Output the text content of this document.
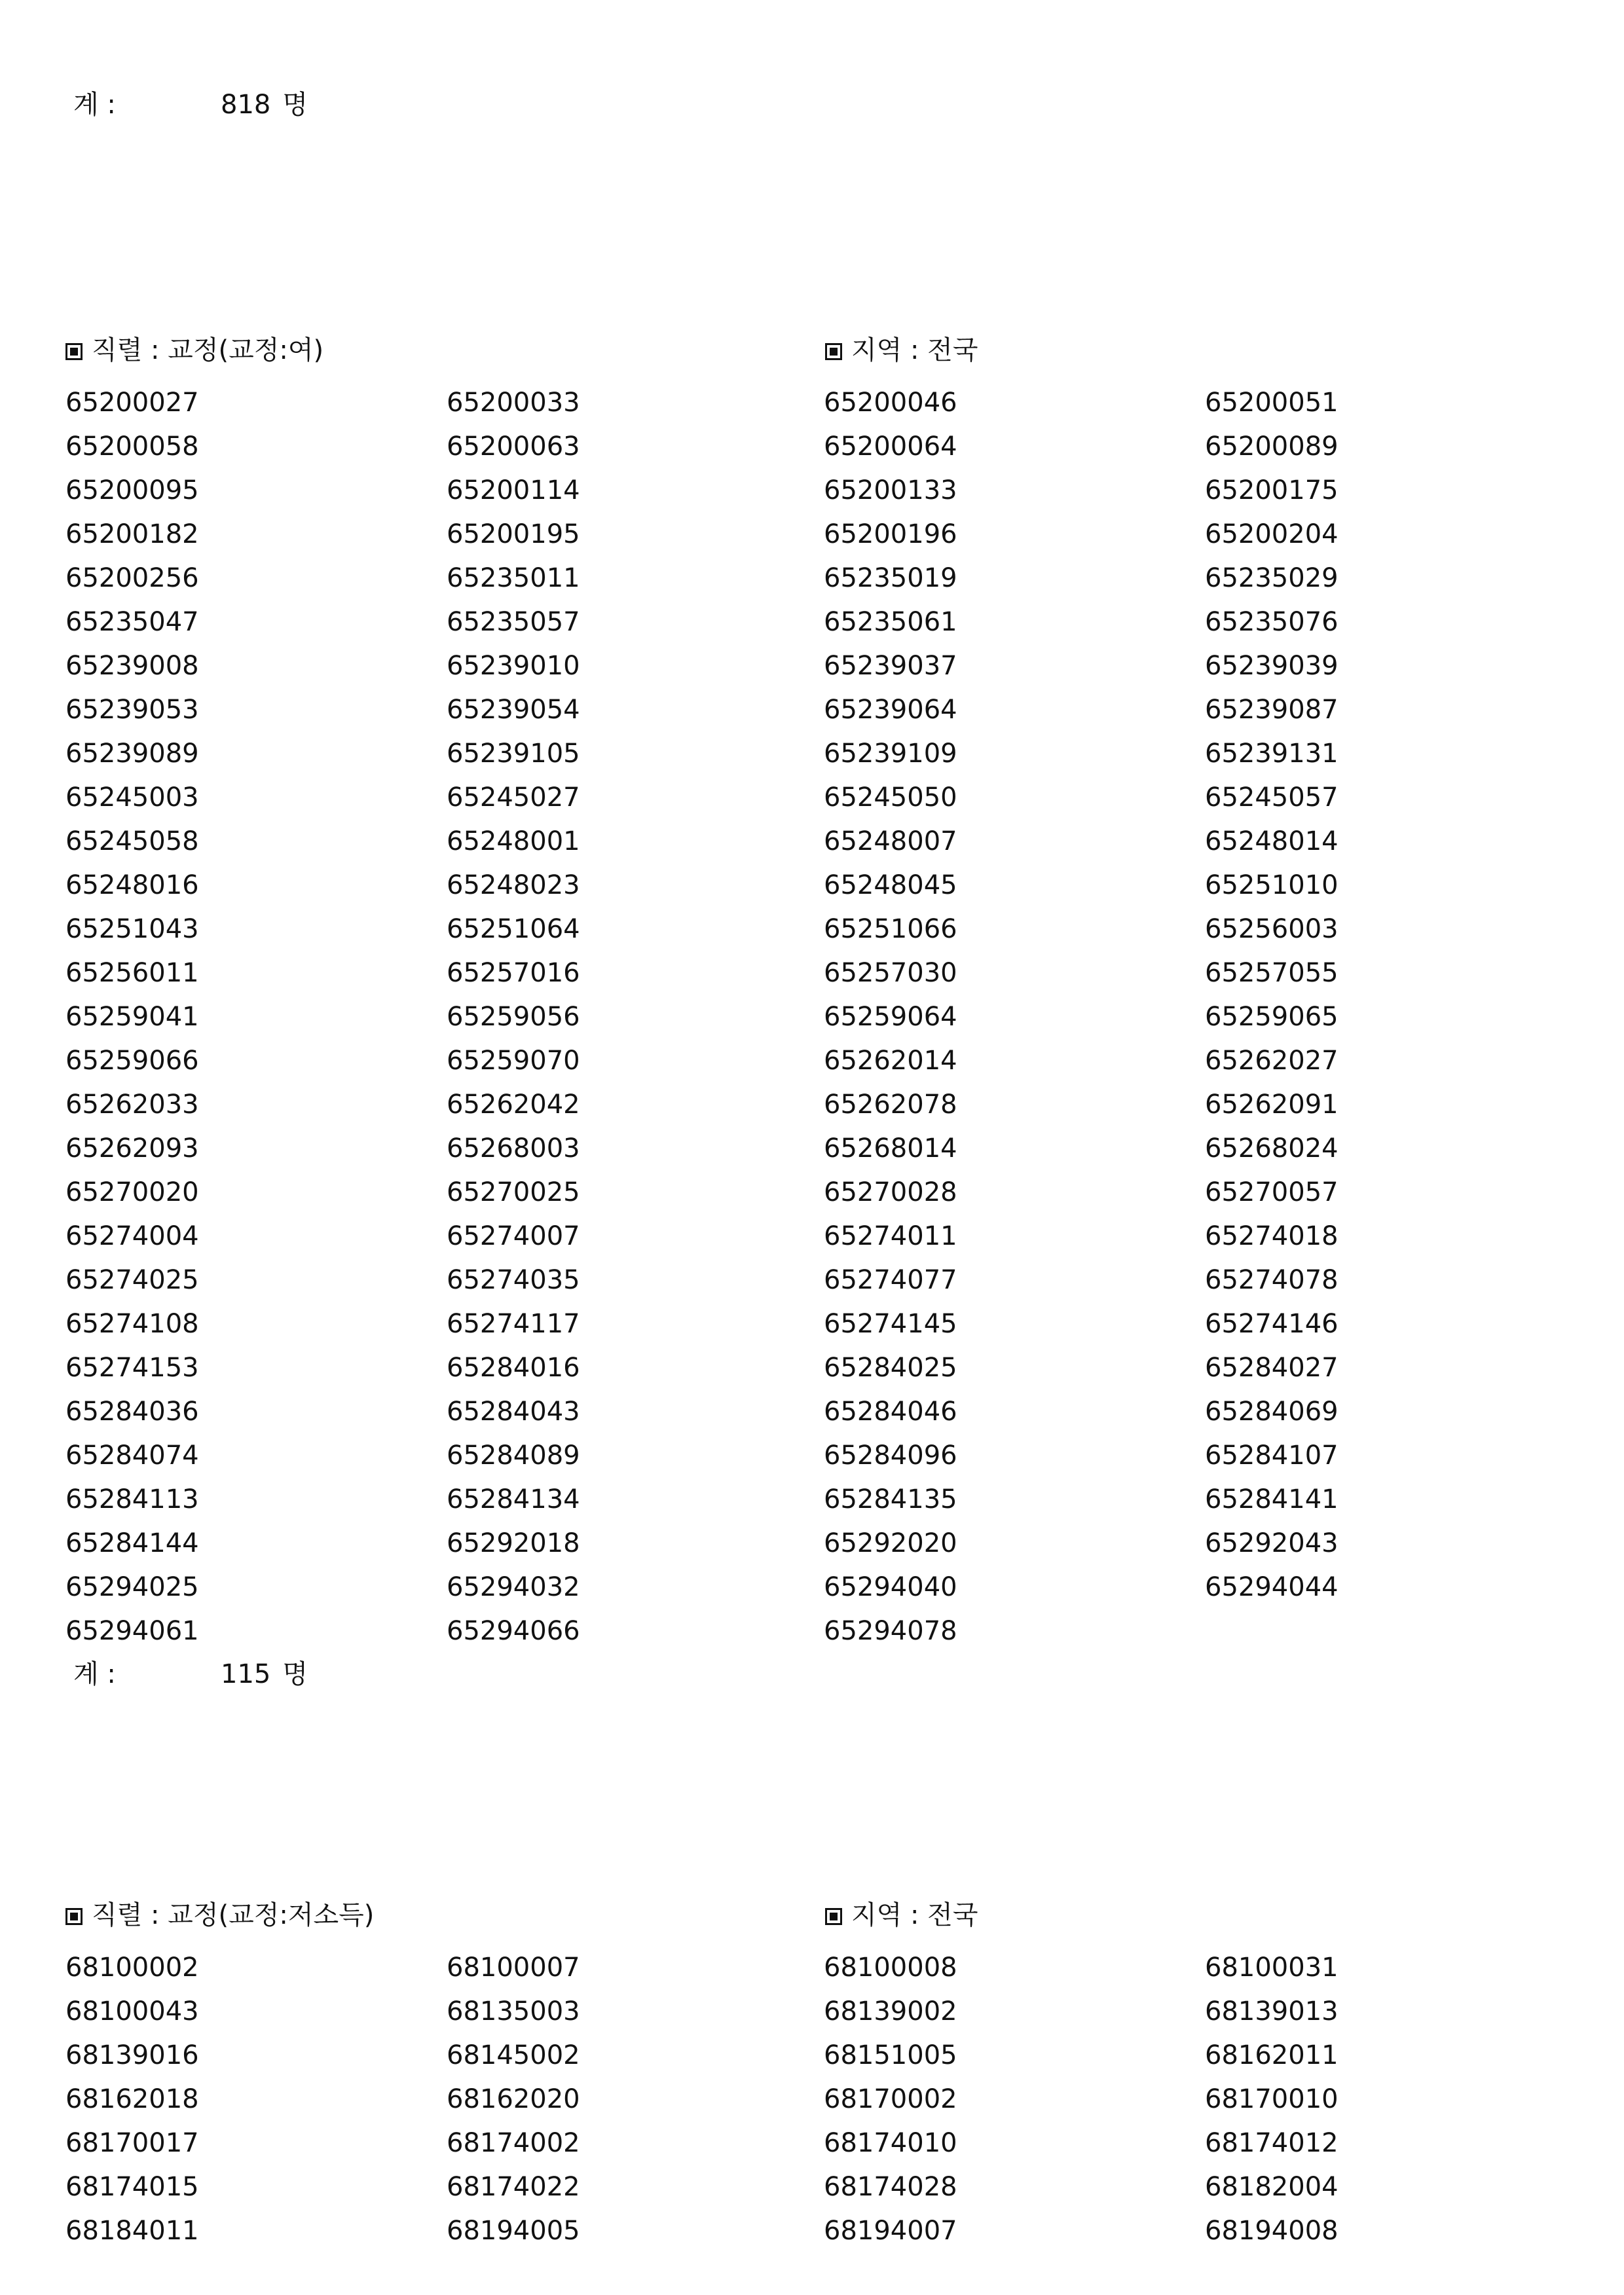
계 :	818 명
직렬 : 교정(교정:여)	지역 : 전국
65200027	65200033	65200046	65200051
65200058	65200063	65200064	65200089
65200095	65200114	65200133	65200175
65200182	65200195	65200196	65200204
65200256	65235011	65235019	65235029
65235047	65235057	65235061	65235076
65239008	65239010	65239037	65239039
65239053	65239054	65239064	65239087
65239089	65239105	65239109	65239131
65245003	65245027	65245050	65245057
65245058	65248001	65248007	65248014
65248016	65248023	65248045	65251010
65251043	65251064	65251066	65256003
65256011	65257016	65257030	65257055
65259041	65259056	65259064	65259065
65259066	65259070	65262014	65262027
65262033	65262042	65262078	65262091
65262093	65268003	65268014	65268024
65270020	65270025	65270028	65270057
65274004	65274007	65274011	65274018
65274025	65274035	65274077	65274078
65274108	65274117	65274145	65274146
65274153	65284016	65284025	65284027
65284036	65284043	65284046	65284069
65284074	65284089	65284096	65284107
65284113	65284134	65284135	65284141
65284144	65292018	65292020	65292043
65294025	65294032	65294040	65294044
65294061	65294066	65294078
계 :	115 명
직렬 : 교정(교정:저소득)	지역 : 전국
68100002	68100007	68100008	68100031
68100043	68135003	68139002	68139013
68139016	68145002	68151005	68162011
68162018	68162020	68170002	68170010
68170017	68174002	68174010	68174012
68174015	68174022	68174028	68182004
68184011	68194005	68194007	68194008
